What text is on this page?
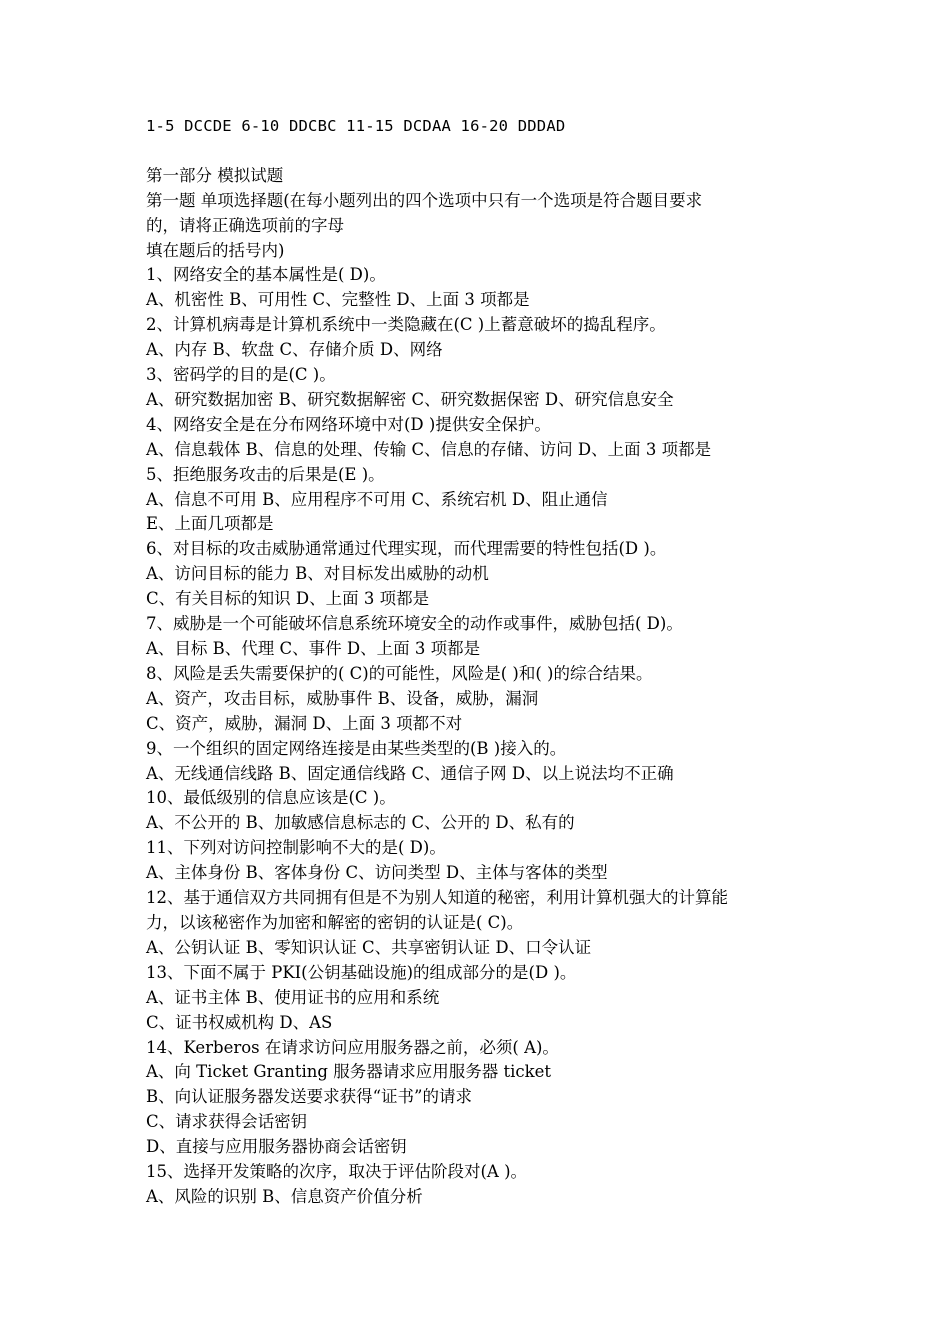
1-5 DCCDE 6-10 DDCBC 11-15 DCDAA 16-20 DDDAD
第一部分 模拟试题
第一题 单项选择题(在每小题列出的四个选项中只有一个选项是符合题目要求
的，请将正确选项前的字母
填在题后的括号内)
1、网络安全的基本属性是( D)。
A、机密性 B、可用性 C、完整性 D、上面 3 项都是
2、计算机病毒是计算机系统中一类隐藏在(C )上蓄意破坏的捣乱程序。
A、内存 B、软盘 C、存储介质 D、网络
3、密码学的目的是(C )。
A、研究数据加密 B、研究数据解密 C、研究数据保密 D、研究信息安全
4、网络安全是在分布网络环境中对(D )提供安全保护。
A、信息载体 B、信息的处理、传输 C、信息的存储、访问 D、上面 3 项都是
5、拒绝服务攻击的后果是(E )。
A、信息不可用 B、应用程序不可用 C、系统宕机 D、阻止通信
E、上面几项都是
6、对目标的攻击威胁通常通过代理实现，而代理需要的特性包括(D )。
A、访问目标的能力 B、对目标发出威胁的动机
C、有关目标的知识 D、上面 3 项都是
7、威胁是一个可能破坏信息系统环境安全的动作或事件，威胁包括( D)。
A、目标 B、代理 C、事件 D、上面 3 项都是
8、风险是丢失需要保护的( C)的可能性，风险是( )和( )的综合结果。
A、资产，攻击目标，威胁事件 B、设备，威胁，漏洞
C、资产，威胁，漏洞 D、上面 3 项都不对
9、一个组织的固定网络连接是由某些类型的(B )接入的。
A、无线通信线路 B、固定通信线路 C、通信子网 D、以上说法均不正确
10、最低级别的信息应该是(C )。
A、不公开的 B、加敏感信息标志的 C、公开的 D、私有的
11、下列对访问控制影响不大的是( D)。
A、主体身份 B、客体身份 C、访问类型 D、主体与客体的类型
12、基于通信双方共同拥有但是不为别人知道的秘密，利用计算机强大的计算能
力，以该秘密作为加密和解密的密钥的认证是( C)。
A、公钥认证 B、零知识认证 C、共享密钥认证 D、口令认证
13、下面不属于 PKI(公钥基础设施)的组成部分的是(D )。
A、证书主体 B、使用证书的应用和系统
C、证书权威机构 D、AS
14、Kerberos 在请求访问应用服务器之前，必须( A)。
A、向 Ticket Granting 服务器请求应用服务器 ticket
B、向认证服务器发送要求获得“证书”的请求
C、请求获得会话密钥
D、直接与应用服务器协商会话密钥
15、选择开发策略的次序，取决于评估阶段对(A )。
A、风险的识别 B、信息资产价值分析
